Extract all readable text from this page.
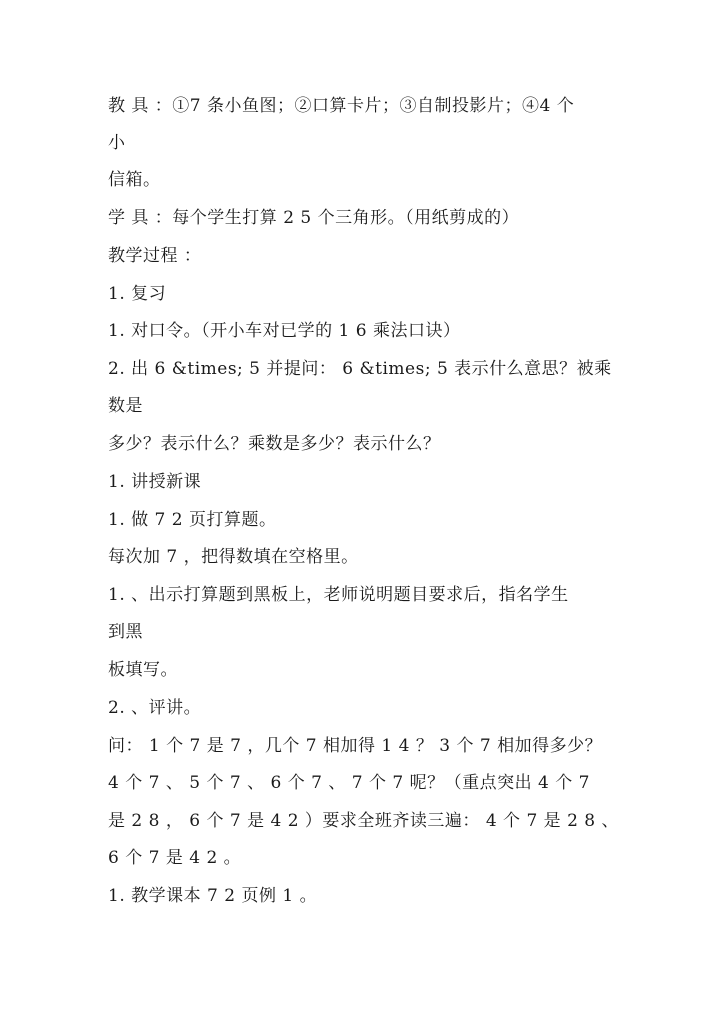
教 具 ：①7 条小鱼图；②口算卡片；③自制投影片；④4 个
小
信箱。
学 具 ：每个学生打算 2 5 个三角形。（用纸剪成的）
教学过程 ：
1. 复习
1. 对口令。（开小车对已学的 1 6 乘法口诀）
2. 出 6 &times; 5 并提问： 6 &times; 5 表示什么意思？被乘
数是
多少？表示什么？乘数是多少？表示什么？
1. 讲授新课
1. 做 7 2 页打算题。
每次加 7 ，把得数填在空格里。
1. 、出示打算题到黑板上，老师说明题目要求后，指名学生
到黑
板填写。
2. 、评讲。
问： 1 个 7 是 7 ，几个 7 相加得 1 4 ？ 3 个 7 相加得多少？
4 个 7 、 5 个 7 、 6 个 7 、 7 个 7 呢？（重点突出 4 个 7
是 2 8 ， 6 个 7 是 4 2 ）要求全班齐读三遍： 4 个 7 是 2 8 、
6 个 7 是 4 2 。
1. 教学课本 7 2 页例 1 。
